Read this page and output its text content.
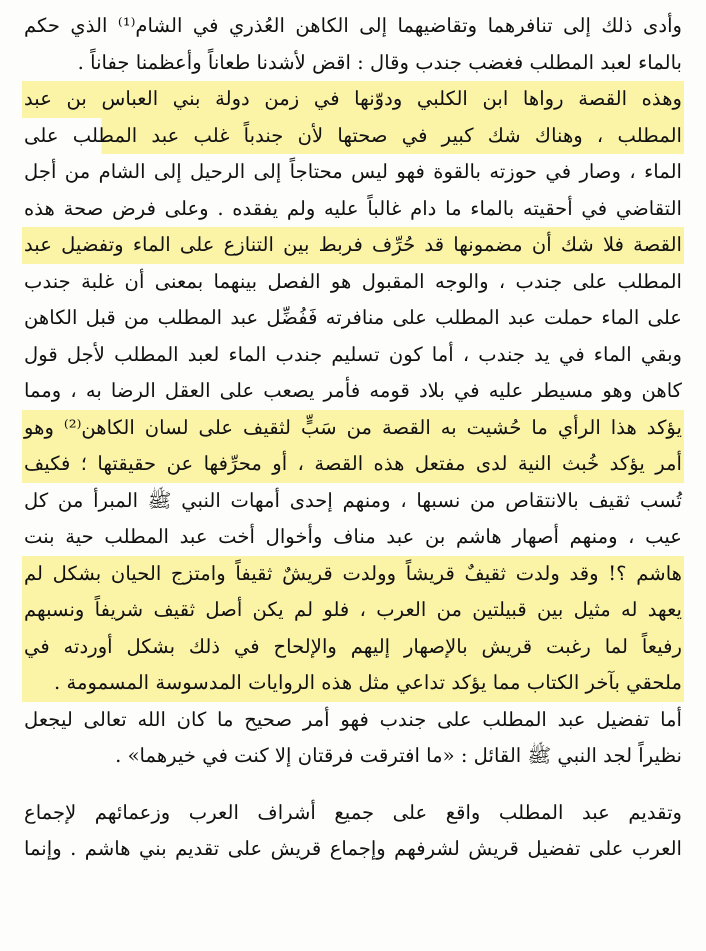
وأدى ذلك إلى تنافرهما وتقاضيهما إلى الكاهن العُذري في الشام⁽¹⁾ الذي حكم
بالماء لعبد المطلب فغضب جندب وقال : اقض لأشدنا طعاناً وأعظمنا جفاناً .
وهذه القصة رواها ابن الكلبي ودوّنها في زمن دولة بني العباس بن عبد
المطلب ، وهناك شك كبير في صحتها لأن جندباً غلب عبد المطلب على
الماء ، وصار في حوزته بالقوة فهو ليس محتاجاً إلى الرحيل إلى الشام من أجل
التقاضي في أحقيته بالماء ما دام غالباً عليه ولم يفقده . وعلى فرض صحة هذه
القصة فلا شك أن مضمونها قد حُرِّف فربط بين التنازع على الماء وتفضيل عبد
المطلب على جندب ، والوجه المقبول هو الفصل بينهما بمعنى أن غلبة جندب
على الماء حملت عبد المطلب على منافرته فَفُضِّل عبد المطلب من قبل الكاهن
وبقي الماء في يد جندب ، أما كون تسليم جندب الماء لعبد المطلب لأجل قول
كاهن وهو مسيطر عليه في بلاد قومه فأمر يصعب على العقل الرضا به ، ومما
يؤكد هذا الرأي ما حُشيت به القصة من سَبٍّ لثقيف على لسان الكاهن⁽²⁾ وهو
أمر يؤكد خُبث النية لدى مفتعل هذه القصة ، أو محرِّفها عن حقيقتها ؛ فكيف
تُسب ثقيف بالانتقاص من نسبها ، ومنهم إحدى أمهات النبي ﷺ المبرأ من كل
عيب ، ومنهم أصهار هاشم بن عبد مناف وأخوال أخت عبد المطلب حية بنت
هاشم ؟! وقد ولدت ثقيفٌ قريشاً وولدت قريشٌ ثقيفاً وامتزج الحيان بشكل لم
يعهد له مثيل بين قبيلتين من العرب ، فلو لم يكن أصل ثقيف شريفاً ونسبهم
رفيعاً لما رغبت قريش بالإصهار إليهم والإلحاح في ذلك بشكل أوردته في
ملحقي بآخر الكتاب مما يؤكد تداعي مثل هذه الروايات المدسوسة المسمومة .
أما تفضيل عبد المطلب على جندب فهو أمر صحيح ما كان الله تعالى ليجعل
نظيراً لجد النبي ﷺ القائل : «ما افترقت فرقتان إلا كنت في خيرهما» .
وتقديم عبد المطلب واقع على جميع أشراف العرب وزعمائهم لإجماع
العرب على تفضيل قريش لشرفهم وإجماع قريش على تقديم بني هاشم . وإنما
